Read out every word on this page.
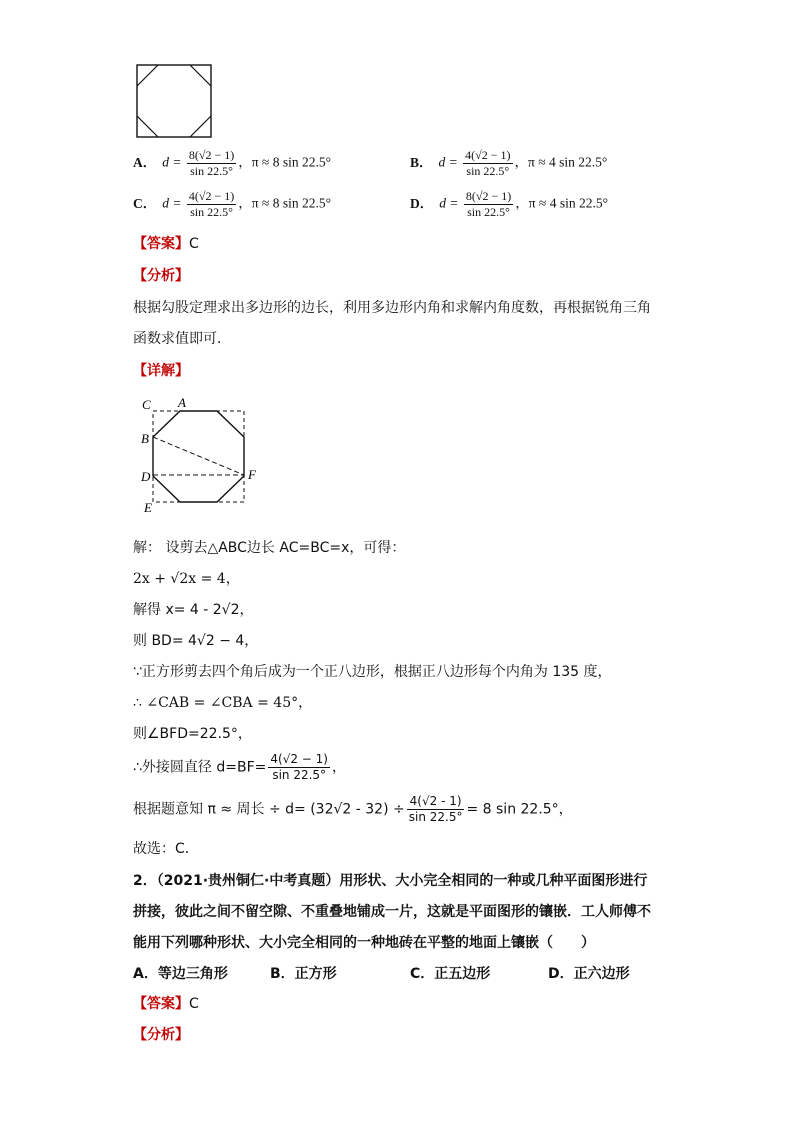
A． $d = \frac{8(√2 - 1)}{\sin 22.5^\circ}$ ，π ≈ 8 sin 22.5°	B． $d = \frac{4(√2 - 1)}{\sin 22.5^\circ}$ ，π ≈ 4 sin 22.5°
C． $d = \frac{4(√2 - 1)}{\sin 22.5^\circ}$ ，π ≈ 8 sin 22.5°	D． $d = \frac{8(√2 - 1)}{\sin 22.5^\circ}$ ，π ≈ 4 sin 22.5°
【答案】C
【分析】
根据勾股定理求出多边形的边长，利用多边形内角和求解内角度数，再根据锐角三角
函数求值即可．
【详解】
C A
B
D	F
E
解： 设剪去△ABC边长 AC=BC=x，可得：
2x + √2x = 4，
解得 x= 4 - 2√2，
则 BD= 4√2 − 4，
∵正方形剪去四个角后成为一个正八边形，根据正八边形每个内角为 135 度，
∴ ∠CAB = ∠CBA = 45°，
则∠BFD=22.5°，
∴外接圆直径 $d=BF= \frac{4(√2 - 1)}{\sin 22.5^\circ}$ ，
根据题意知 π ≈ 周长 ÷ $d= (32√2 - 32) \div \frac{4(√2 - 1)}{\sin 22.5^\circ} = 8$ sin 22.5°，
故选：C．
2．（2021·贵州铜仁·中考真题）用形状、大小完全相同的一种或几种平面图形进行
拼接，彼此之间不留空隙、不重叠地铺成一片，这就是平面图形的镶嵌．工人师傅不
能用下列哪种形状、大小完全相同的一种地砖在平整的地面上镶嵌（　　）
A．等边三角形	B．正方形	C．正五边形	D．正六边形
【答案】C
【分析】
